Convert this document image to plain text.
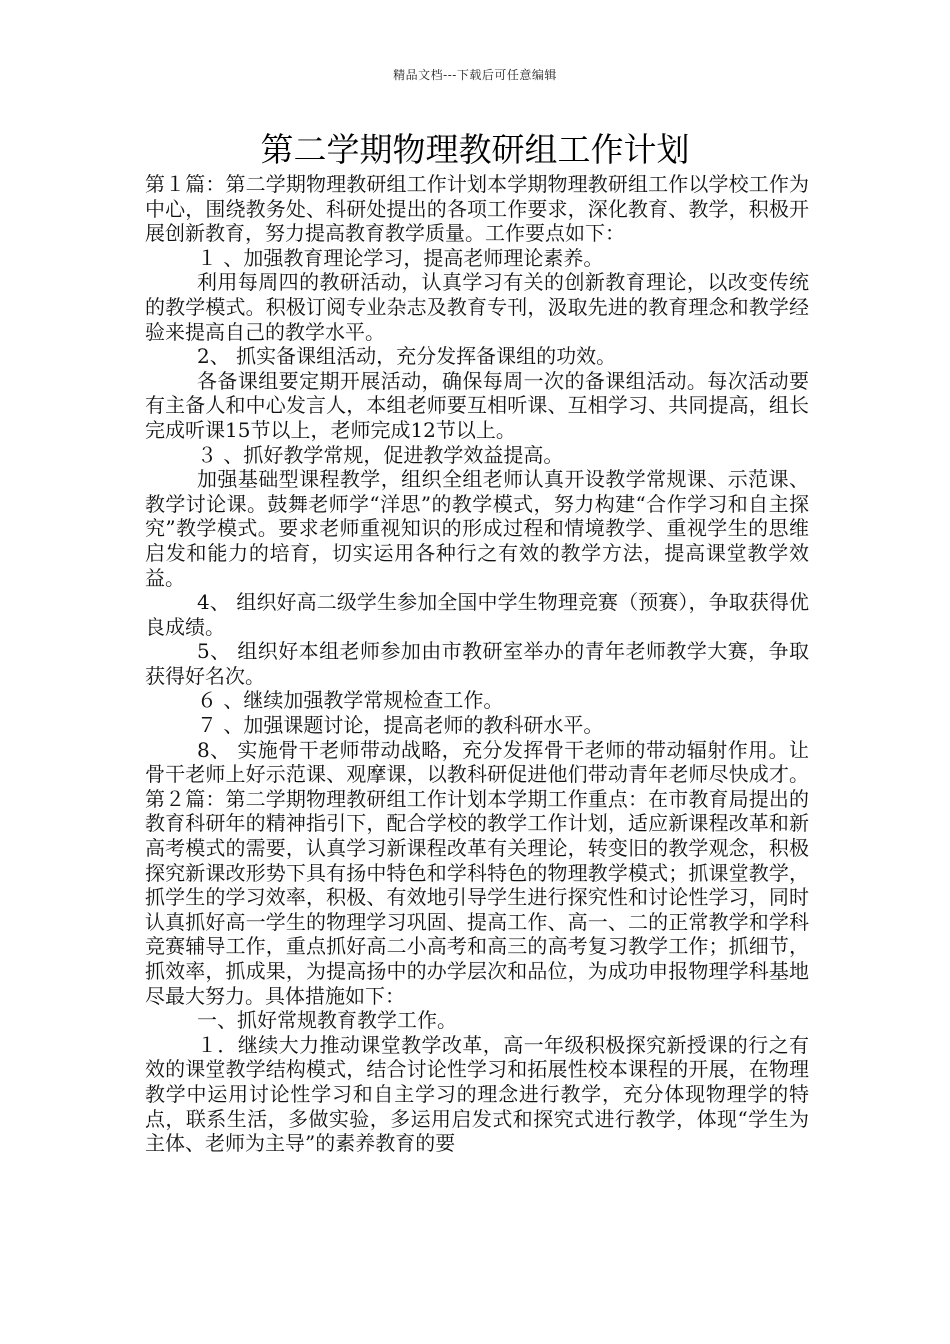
精品文档---下载后可任意编辑
第二学期物理教研组工作计划

第１篇：第二学期物理教研组工作计划本学期物理教研组工作以学校工作为中心，围绕教务处、科研处提出的各项工作要求，深化教育、教学，积极开展创新教育，努力提高教育教学质量。工作要点如下：

１ 、加强教育理论学习，提高老师理论素养。

利用每周四的教研活动，认真学习有关的创新教育理论，以改变传统的教学模式。积极订阅专业杂志及教育专刊，汲取先进的教育理念和教学经验来提高自己的教学水平。

2、 抓实备课组活动，充分发挥备课组的功效。

各备课组要定期开展活动，确保每周一次的备课组活动。每次活动要有主备人和中心发言人，本组老师要互相听课、互相学习、共同提高，组长完成听课15节以上，老师完成12节以上。

３ 、抓好教学常规，促进教学效益提高。

加强基础型课程教学，组织全组老师认真开设教学常规课、示范课、教学讨论课。鼓舞老师学“洋思”的教学模式，努力构建“合作学习和自主探究”教学模式。要求老师重视知识的形成过程和情境教学、重视学生的思维启发和能力的培育，切实运用各种行之有效的教学方法，提高课堂教学效益。

4、 组织好高二级学生参加全国中学生物理竞赛（预赛），争取获得优良成绩。

5、 组织好本组老师参加由市教研室举办的青年老师教学大赛，争取获得好名次。

６ 、继续加强教学常规检查工作。

７ 、加强课题讨论，提高老师的教科研水平。

8、 实施骨干老师带动战略，充分发挥骨干老师的带动辐射作用。让骨干老师上好示范课、观摩课，以教科研促进他们带动青年老师尽快成才。第２篇：第二学期物理教研组工作计划本学期工作重点：在市教育局提出的教育科研年的精神指引下，配合学校的教学工作计划，适应新课程改革和新高考模式的需要，认真学习新课程改革有关理论，转变旧的教学观念，积极探究新课改形势下具有扬中特色和学科特色的物理教学模式；抓课堂教学，抓学生的学习效率，积极、有效地引导学生进行探究性和讨论性学习，同时认真抓好高一学生的物理学习巩固、提高工作、高一、二的正常教学和学科竞赛辅导工作，重点抓好高二小高考和高三的高考复习教学工作；抓细节，抓效率，抓成果，为提高扬中的办学层次和品位，为成功申报物理学科基地尽最大努力。具体措施如下：

一、抓好常规教育教学工作。

１．继续大力推动课堂教学改革，高一年级积极探究新授课的行之有效的课堂教学结构模式，结合讨论性学习和拓展性校本课程的开展，在物理教学中运用讨论性学习和自主学习的理念进行教学，充分体现物理学的特点，联系生活，多做实验，多运用启发式和探究式进行教学，体现“学生为主体、老师为主导”的素养教育的要
